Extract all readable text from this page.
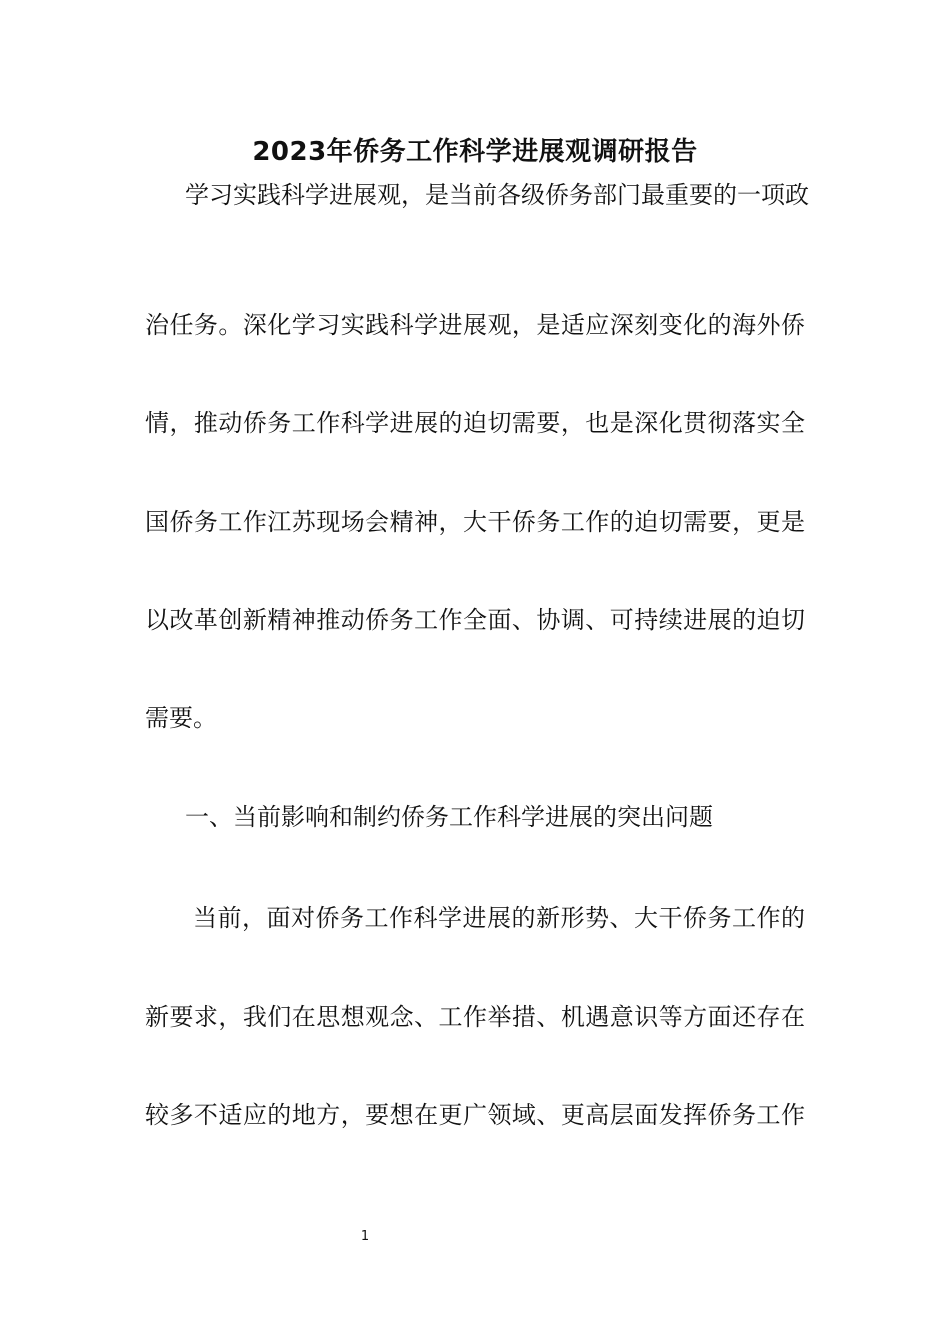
2023年侨务工作科学进展观调研报告
学习实践科学进展观，是当前各级侨务部门最重要的一项政
治任务。深化学习实践科学进展观，是适应深刻变化的海外侨
情，推动侨务工作科学进展的迫切需要，也是深化贯彻落实全
国侨务工作江苏现场会精神，大干侨务工作的迫切需要，更是
以改革创新精神推动侨务工作全面、协调、可持续进展的迫切
需要。
一、当前影响和制约侨务工作科学进展的突出问题
当前，面对侨务工作科学进展的新形势、大干侨务工作的
新要求，我们在思想观念、工作举措、机遇意识等方面还存在
较多不适应的地方，要想在更广领域、更高层面发挥侨务工作
1
